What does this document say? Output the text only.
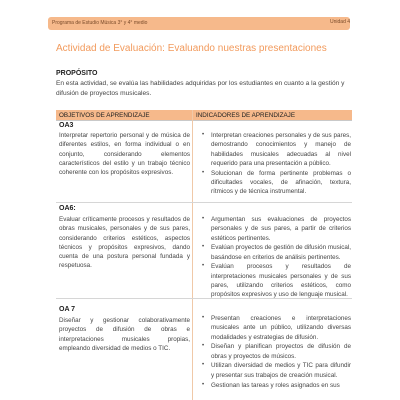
Programa de Estudio Música 3° y 4° medio	Unidad 4
Actividad de Evaluación: Evaluando nuestras presentaciones
PROPÓSITO
En esta actividad, se evalúa las habilidades adquiridas por los estudiantes en cuanto a la gestión y difusión de proyectos musicales.
OBJETIVOS DE APRENDIZAJE	INDICADORES DE APRENDIZAJE
OA3
Interpretar repertorio personal y de música de diferentes estilos, en forma individual o en conjunto, considerando elementos característicos del estilo y un trabajo técnico coherente con los propósitos expresivos.
• Interpretan creaciones personales y de sus pares, demostrando conocimientos y manejo de habilidades musicales adecuadas al nivel requerido para una presentación a público.
• Solucionan de forma pertinente problemas o dificultades vocales, de afinación, textura, rítmicos y de técnica instrumental.
OA6:
Evaluar críticamente procesos y resultados de obras musicales, personales y de sus pares, considerando criterios estéticos, aspectos técnicos y propósitos expresivos, dando cuenta de una postura personal fundada y respetuosa.
• Argumentan sus evaluaciones de proyectos personales y de sus pares, a partir de criterios estéticos pertinentes.
• Evalúan proyectos de gestión de difusión musical, basándose en criterios de análisis pertinentes.
• Evalúan procesos y resultados de interpretaciones musicales personales y de sus pares, utilizando criterios estéticos, como propósitos expresivos y uso de lenguaje musical.
OA 7
Diseñar y gestionar colaborativamente proyectos de difusión de obras e interpretaciones musicales propias, empleando diversidad de medios o TIC.
• Presentan creaciones e interpretaciones musicales ante un público, utilizando diversas modalidades y estrategias de difusión.
• Diseñan y planifican proyectos de difusión de obras y proyectos de músicos.
• Utilizan diversidad de medios y TIC para difundir y presentar sus trabajos de creación musical.
• Gestionan las tareas y roles asignados en sus
